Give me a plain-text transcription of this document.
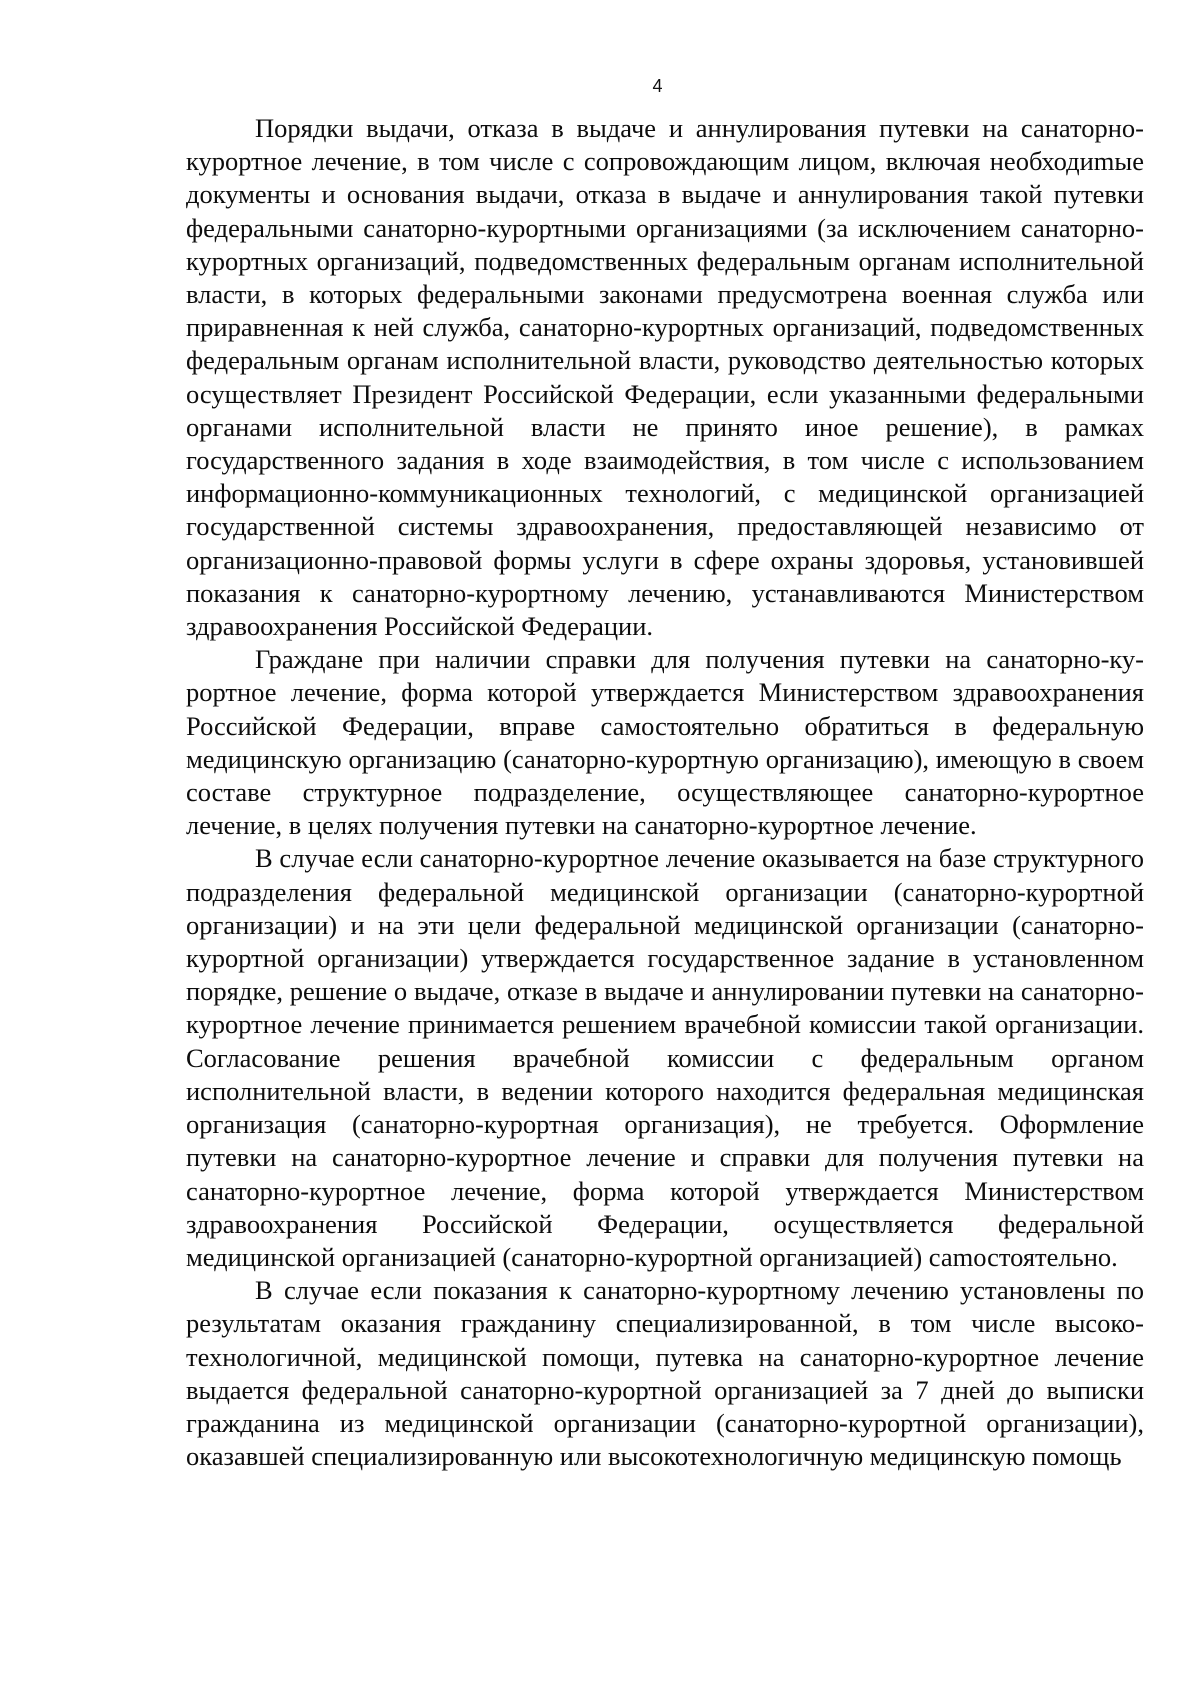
4

Порядки выдачи, отказа в выдаче и аннулирования путевки на санаторно-курортное лечение, в том числе с сопровождающим лицом, включая необходиmые документы и основания выдачи, отказа в выдаче и аннулирования такой путевки федеральными санаторно-курортными организациями (за исключением санаторно-курортных организаций, подведомственных федеральным органам исполнительной власти, в которых федеральными законами предусмотрена военная служба или приравненная к ней служба, санаторно-курортных организаций, подведомственных федеральным органам исполнительной власти, руководство деятельностью которых осуществляет Президент Российской Федерации, если указанными федеральными органами исполнительной власти не принято иное решение), в рамках государственного задания в ходе взаимодействия, в том числе с использованием информационно-коммуникационных технологий, с медицинской организацией государственной системы здравоохранения, предоставляющей независимо от организационно-правовой формы услуги в сфере охраны здоровья, установившей показания к санаторно-курортному лечению, устанавливаются Министерством здравоохранения Российской Федерации.

Граждане при наличии справки для получения путевки на санаторно-курортное лечение, форма которой утверждается Министерством здравоохранения Российской Федерации, вправе самостоятельно обратиться в федеральную медицинскую организацию (санаторно-курортную организацию), имеющую в своем составе структурное подразделение, осуществляющее санаторно-курортное лечение, в целях получения путевки на санаторно-курортное лечение.

В случае если санаторно-курортное лечение оказывается на базе структурного подразделения федеральной медицинской организации (санаторно-курортной организации) и на эти цели федеральной медицинской организации (санаторно-курортной организации) утверждается государственное задание в установленном порядке, решение о выдаче, отказе в выдаче и аннулировании путевки на санаторно-курортное лечение принимается решением врачебной комиссии такой организации. Согласование решения врачебной комиссии с федеральным органом исполнительной власти, в ведении которого находится федеральная медицинская организация (санаторно-курортная организация), не требуется. Оформление путевки на санаторно-курортное лечение и справки для получения путевки на санаторно-курортное лечение, форма которой утверждается Министерством здравоохранения Российской Федерации, осуществляется федеральной медицинской организацией (санаторно-курортной организацией) саmостоятельно.

В случае если показания к санаторно-курортному лечению установлены по результатам оказания гражданину специализированной, в том числе высокотехнологичной, медицинской помощи, путевка на санаторно-курортное лечение выдается федеральной санаторно-курортной организацией за 7 дней до выписки гражданина из медицинской организации (санаторно-курортной организации), оказавшей специализированную или высокотехнологичную медицинскую помощь
